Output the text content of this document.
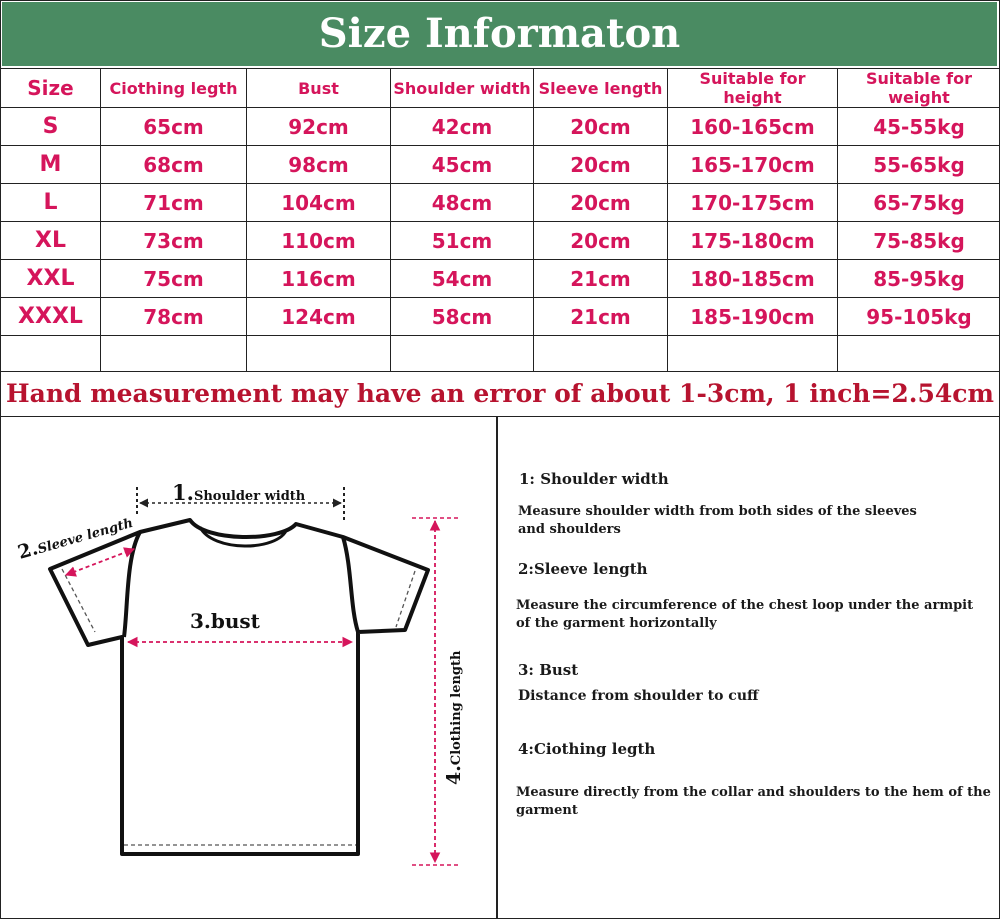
Size Informaton
Size	Ciothing legth	Bust	Shoulder width	Sleeve length	Suitable for height	Suitable for weight
S	65cm	92cm	42cm	20cm	160-165cm	45-55kg
M	68cm	98cm	45cm	20cm	165-170cm	55-65kg
L	71cm	104cm	48cm	20cm	170-175cm	65-75kg
XL	73cm	110cm	51cm	20cm	175-180cm	75-85kg
XXL	75cm	116cm	54cm	21cm	180-185cm	85-95kg
XXXL	78cm	124cm	58cm	21cm	185-190cm	95-105kg

Hand measurement may have an error of about 1-3cm, 1 inch=2.54cm
1.Shoulder width
2.Sleeve length
3.bust
4.Clothing length
1: Shoulder width
Measure shoulder width from both sides of the sleeves and shoulders
2:Sleeve length
Measure the circumference of the chest loop under the armpit of the garment horizontally
3: Bust
Distance from shoulder to cuff
4:Ciothing legth
Measure directly from the collar and shoulders to the hem of the garment
